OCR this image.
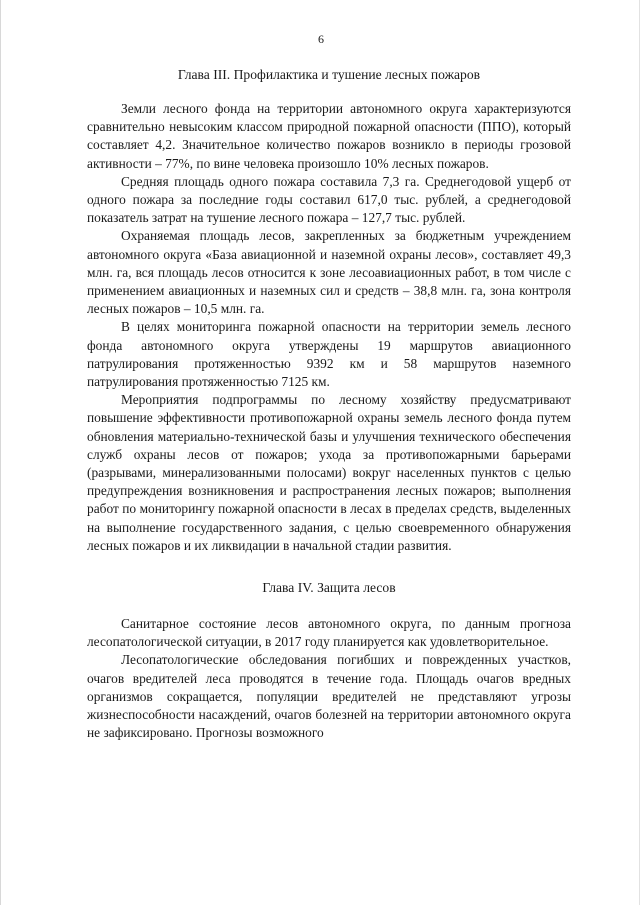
6
Глава III. Профилактика и тушение лесных пожаров

Земли лесного фонда на территории автономного округа характеризуются сравнительно невысоким классом природной пожарной опасности (ППО), который составляет 4,2. Значительное количество пожаров возникло в периоды грозовой активности – 77%, по вине человека произошло 10% лесных пожаров.

Средняя площадь одного пожара составила 7,3 га. Среднегодовой ущерб от одного пожара за последние годы составил 617,0 тыс. рублей, а среднегодовой показатель затрат на тушение лесного пожара – 127,7 тыс. рублей.

Охраняемая площадь лесов, закрепленных за бюджетным учреждением автономного округа «База авиационной и наземной охраны лесов», составляет 49,3 млн. га, вся площадь лесов относится к зоне лесоавиационных работ, в том числе с применением авиационных и наземных сил и средств – 38,8 млн. га, зона контроля лесных пожаров – 10,5 млн. га.

В целях мониторинга пожарной опасности на территории земель лесного фонда автономного округа утверждены 19 маршрутов авиационного патрулирования протяженностью 9392 км и 58 маршрутов наземного патрулирования протяженностью 7125 км.

Мероприятия подпрограммы по лесному хозяйству предусматривают повышение эффективности противопожарной охраны земель лесного фонда путем обновления материально-технической базы и улучшения технического обеспечения служб охраны лесов от пожаров; ухода за противопожарными барьерами (разрывами, минерализованными полосами) вокруг населенных пунктов с целью предупреждения возникновения и распространения лесных пожаров; выполнения работ по мониторингу пожарной опасности в лесах в пределах средств, выделенных на выполнение государственного задания, с целью своевременного обнаружения лесных пожаров и их ликвидации в начальной стадии развития.

Глава IV. Защита лесов

Санитарное состояние лесов автономного округа, по данным прогноза лесопатологической ситуации, в 2017 году планируется как удовлетворительное.

Лесопатологические обследования погибших и поврежденных участков, очагов вредителей леса проводятся в течение года. Площадь очагов вредных организмов сокращается, популяции вредителей не представляют угрозы жизнеспособности насаждений, очагов болезней на территории автономного округа не зафиксировано. Прогнозы возможного
